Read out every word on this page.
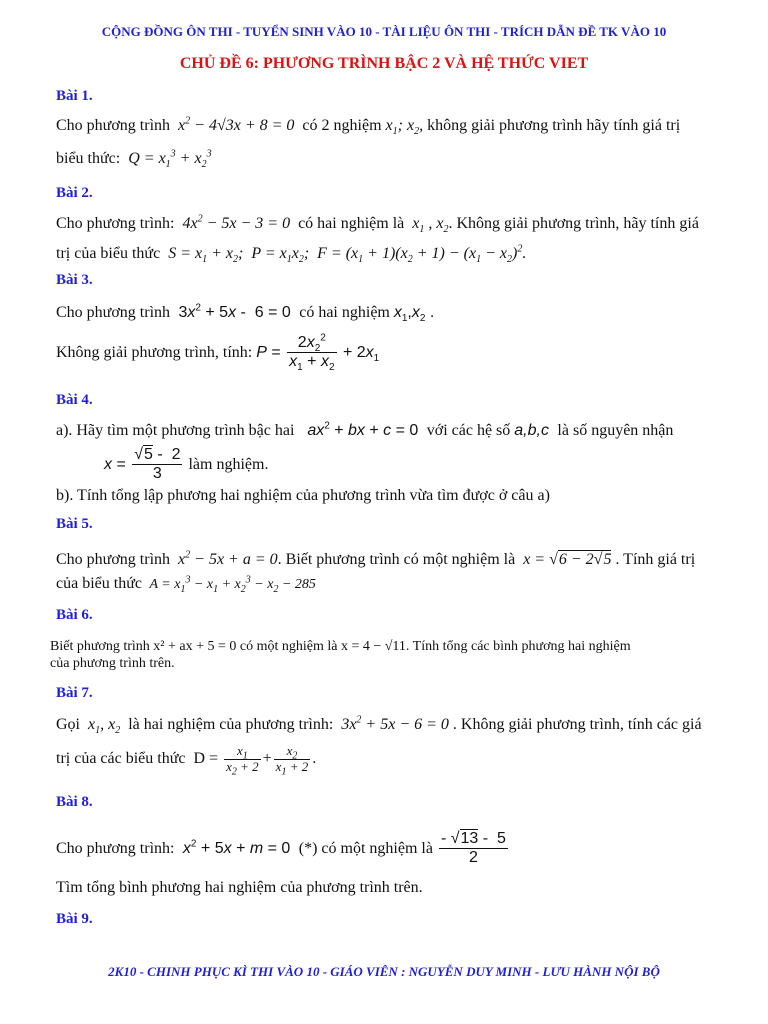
CỘNG ĐỒNG ÔN THI - TUYỂN SINH VÀO 10 - TÀI LIỆU ÔN THI - TRÍCH DẪN ĐỀ TK VÀO 10
CHỦ ĐỀ 6: PHƯƠNG TRÌNH BẬC 2 VÀ HỆ THỨC VIET
Bài 1.
Cho phương trình  $x^2 - 4√3x + 8 = 0$  có 2 nghiệm $x_1$; $x_2$, không giải phương trình hãy tính giá trị
biểu thức:  $Q = x_1^3 + x_2^3$
Bài 2.
Cho phương trình:  $4x^2 - 5x - 3 = 0$  có hai nghiệm là  $x_1$ , $x_2$. Không giải phương trình, hãy tính giá
trị của biểu thức  $S = x_1 + x_2$;  $P = x_1x_2$;  $F = (x_1 + 1)(x_2 + 1) - (x_1 - x_2)^2$.
Bài 3.
Cho phương trình  $3x^2 + 5x - 6 = 0$  có hai nghiệm $x_1,x_2$ .
Không giải phương trình, tính: $P = \frac{2x_2^2}{x_1 + x_2} + 2x_1$
Bài 4.
a). Hãy tìm một phương trình bậc hai $ax^2$ + bx + c = 0  với các hệ số a,b,c là số nguyên nhận
$x = \frac{√5 - 2}{3}$ làm nghiệm.
b). Tính tổng lập phương hai nghiệm của phương trình vừa tìm được ở câu a)
Bài 5.
Cho phương trình  $x^2 - 5x + a = 0$. Biết phương trình có một nghiệm là  x = √6 − 2√5 . Tính giá trị
của biểu thức  $A = x_1^3 - x_1 + x_2^3 - x_2 - 285$
Bài 6.
Biết phương trình x² + ax + 5 = 0 có một nghiệm là x = 4 − √11. Tính tổng các bình phương hai nghiệm
của phương trình trên.
Bài 7.
Gọi  $x_1$, $x_2$ là hai nghiệm của phương trình:  $3x^2 + 5x - 6 = 0$ . Không giải phương trình, tính các giá
trị của các biểu thức  $D = \frac{x_1}{x_2 + 2} + \frac{x_2}{x_1 + 2}$ .
Bài 8.
Cho phương trình: $x^2 + 5x + m = 0$  (*) có một nghiệm là $\frac{- √13 - 5}{2}$
Tìm tổng bình phương hai nghiệm của phương trình trên.
Bài 9.
2K10 - CHINH PHỤC KÌ THI VÀO 10 - GIÁO VIÊN : NGUYỄN DUY MINH - LƯU HÀNH NỘI BỘ
